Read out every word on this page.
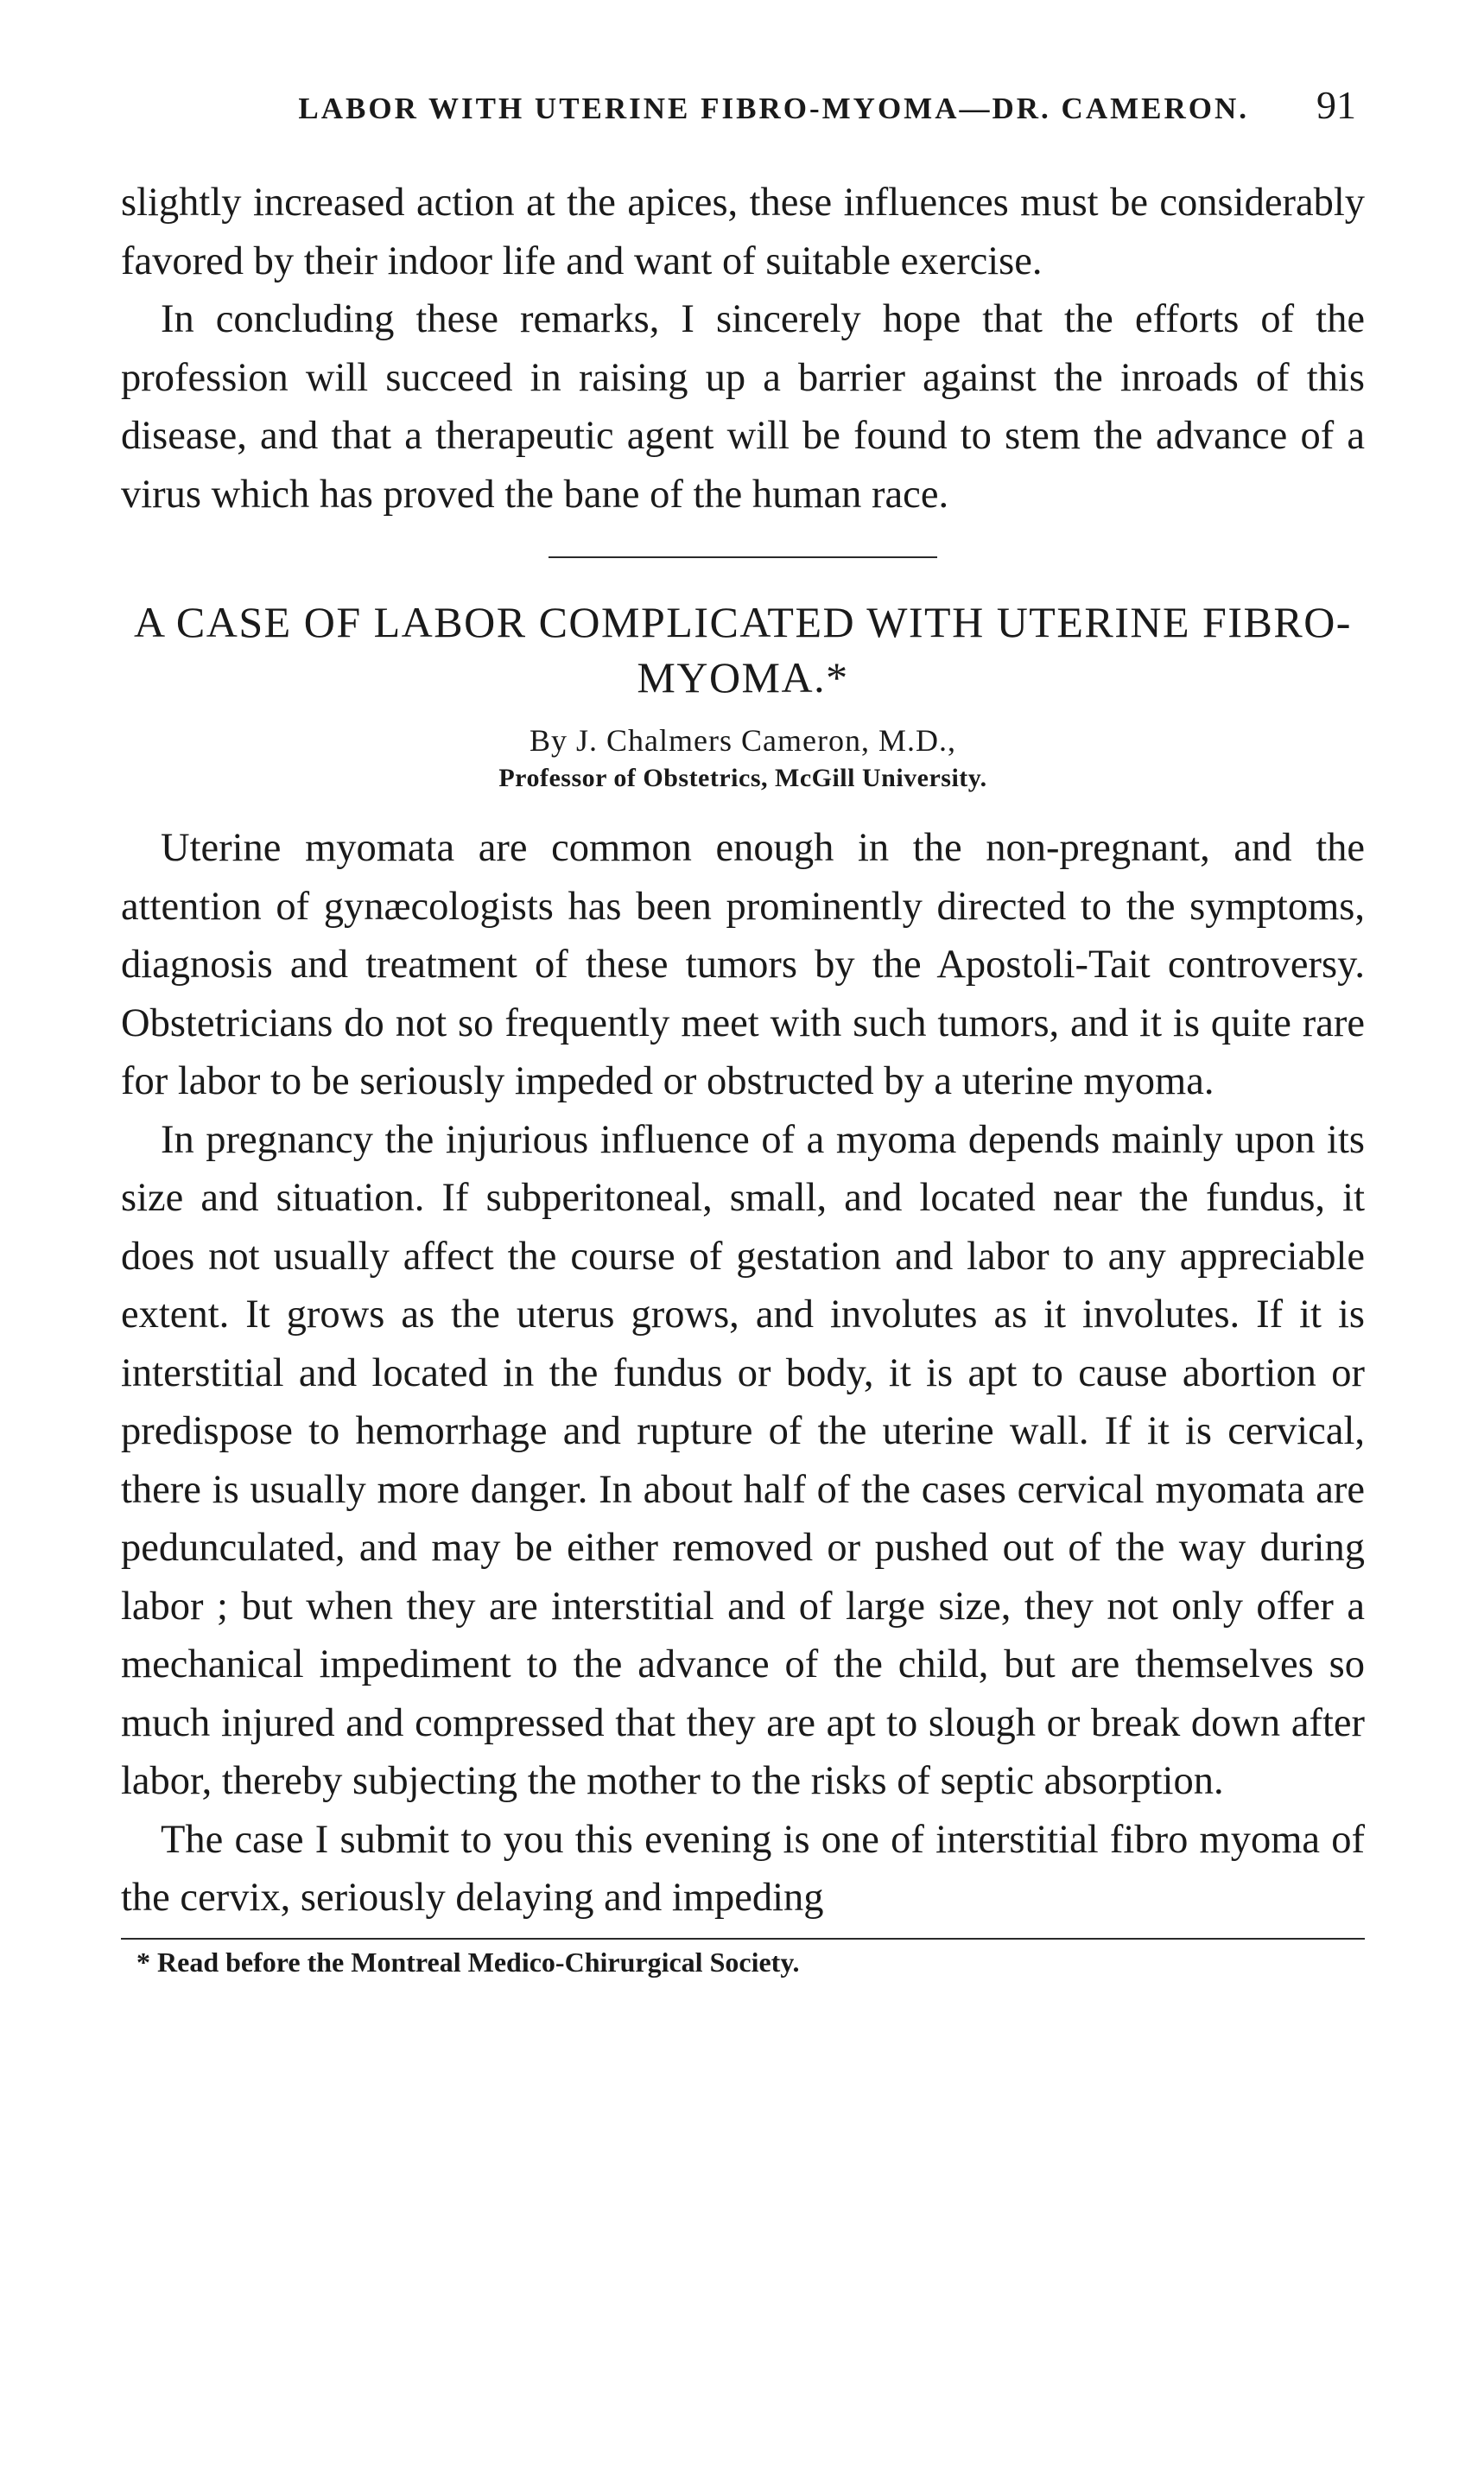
LABOR WITH UTERINE FIBRO-MYOMA—DR. CAMERON. 91

slightly increased action at the apices, these influences must be considerably favored by their indoor life and want of suitable exercise.

In concluding these remarks, I sincerely hope that the efforts of the profession will succeed in raising up a barrier against the inroads of this disease, and that a therapeutic agent will be found to stem the advance of a virus which has proved the bane of the human race.

A CASE OF LABOR COMPLICATED WITH UTERINE FIBRO-MYOMA.*
By J. Chalmers Cameron, M.D.,
Professor of Obstetrics, McGill University.

Uterine myomata are common enough in the non-pregnant, and the attention of gynæcologists has been prominently directed to the symptoms, diagnosis and treatment of these tumors by the Apostoli-Tait controversy. Obstetricians do not so frequently meet with such tumors, and it is quite rare for labor to be seriously impeded or obstructed by a uterine myoma.

In pregnancy the injurious influence of a myoma depends mainly upon its size and situation. If subperitoneal, small, and located near the fundus, it does not usually affect the course of gestation and labor to any appreciable extent. It grows as the uterus grows, and involutes as it involutes. If it is interstitial and located in the fundus or body, it is apt to cause abortion or predispose to hemorrhage and rupture of the uterine wall. If it is cervical, there is usually more danger. In about half of the cases cervical myomata are pedunculated, and may be either removed or pushed out of the way during labor ; but when they are interstitial and of large size, they not only offer a mechanical impediment to the advance of the child, but are themselves so much injured and compressed that they are apt to slough or break down after labor, thereby subjecting the mother to the risks of septic absorption.

The case I submit to you this evening is one of interstitial fibro myoma of the cervix, seriously delaying and impeding

* Read before the Montreal Medico-Chirurgical Society.
